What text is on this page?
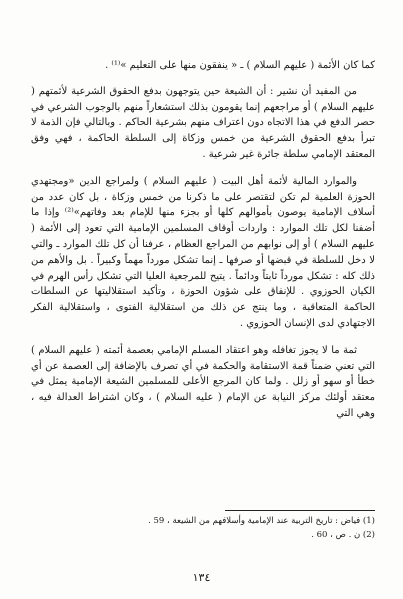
كما كان الأئمة ( عليهم السلام ) ـ « ينفقون منها على التعليم »⁽¹⁾ .

من المفيد أن نشير : أن الشيعة حين يتوجهون بدفع الحقوق الشرعية لأئمتهم ( عليهم السلام ) أو مراجعهم إنما يقومون بذلك استشعاراً منهم بالوجوب الشرعي في حصر الدفع في هذا الاتجاه دون اعتراف منهم بشرعية الحاكم . وبالتالي فإن الذمة لا تبرأ بدفع الحقوق الشرعية من خمس وزكاة إلى السلطة الحاكمة ، فهي وفق المعتقد الإمامي سلطة جائرة غير شرعية .

والموارد المالية لأئمة أهل البيت ( عليهم السلام ) ولمراجع الدين «ومجتهدي الحوزة العلمية لم تكن لتقتصر على ما ذكرنا من خمس وزكاة ، بل كان عدد من أسلاف الإمامية يوصون بأموالهم كلها أو بجزء منها للإمام بعد وفاتهم»⁽²⁾ وإذا ما أضفنا لكل تلك الموارد : واردات أوقاف المسلمين الإمامية التي تعود إلى الأئمة ( عليهم السلام ) أو إلى نوابهم من المراجع العظام ، عرفنا أن كل تلك الموارد ـ والتي لا دخل للسلطة في قبضها أو صرفها ـ إنما تشكل مورداً مهماً وكبيراً . بل والأهم من ذلك كله : تشكل مورداً ثابتاً ودائماً . يتيح للمرجعية العليا التي تشكل رأس الهرم في الكيان الحوزوي . للإنفاق على شؤون الحوزة ، وتأكيد استقلاليتها عن السلطات الحاكمة المتعاقبة ، وما ينتج عن ذلك من استقلالية الفتوى ، واستقلالية الفكر الاجتهادي لدى الإنسان الحوزوي .

ثمة ما لا يجوز تغافله وهو اعتقاد المسلم الإمامي بعصمة أئمته ( عليهم السلام ) التي تعني ضمناً قمة الاستقامة والحكمة في أي تصرف بالإضافة إلى العصمة عن أي خطأ أو سهو أو زلل . ولما كان المرجع الأعلى للمسلمين الشيعة الإمامية يمثل في معتقد أولئك مركز النيابة عن الإمام ( عليه السلام ) ، وكان اشتراط العدالة فيه ، وهي التي

(1) فياض : تاريخ التربية عند الإمامية وأسلافهم من الشيعة ، 59 .
(2) ن . ص ، 60 .
١٣٤
